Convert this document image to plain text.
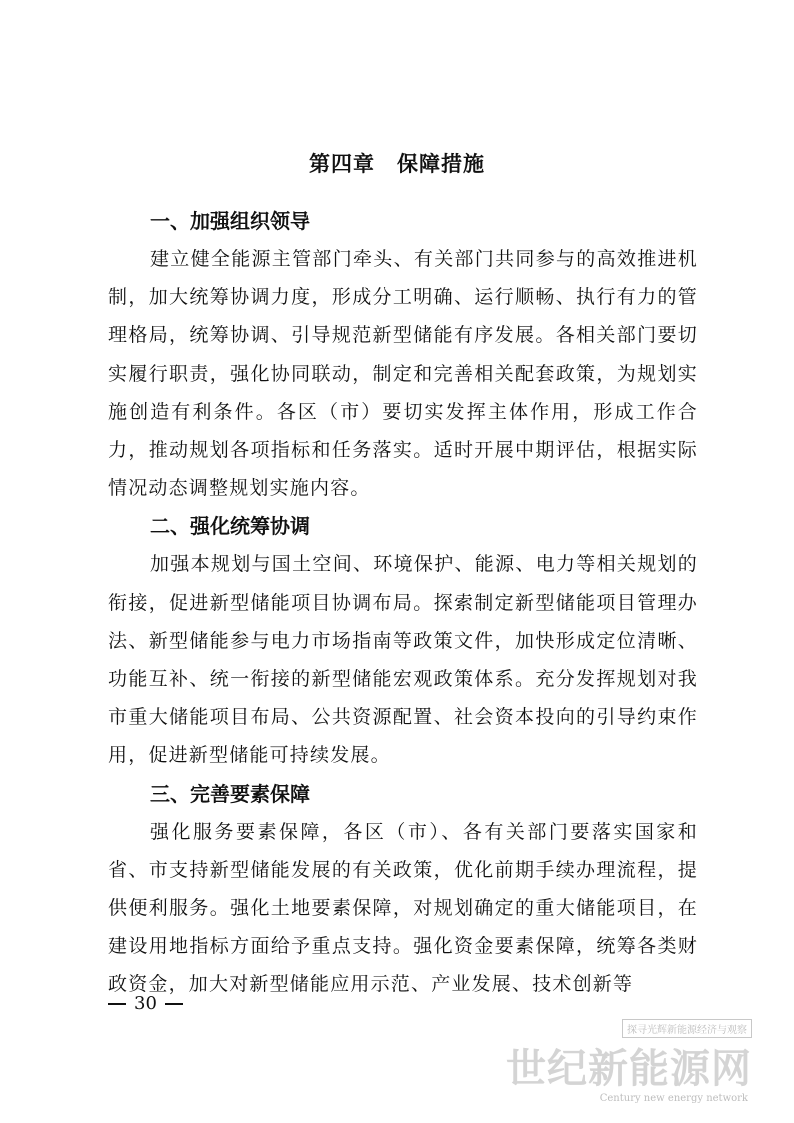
第四章 保障措施
一、加强组织领导

建立健全能源主管部门牵头、有关部门共同参与的高效推进机制，加大统筹协调力度，形成分工明确、运行顺畅、执行有力的管理格局，统筹协调、引导规范新型储能有序发展。各相关部门要切实履行职责，强化协同联动，制定和完善相关配套政策，为规划实施创造有利条件。各区（市）要切实发挥主体作用，形成工作合力，推动规划各项指标和任务落实。适时开展中期评估，根据实际情况动态调整规划实施内容。

二、强化统筹协调

加强本规划与国土空间、环境保护、能源、电力等相关规划的衔接，促进新型储能项目协调布局。探索制定新型储能项目管理办法、新型储能参与电力市场指南等政策文件，加快形成定位清晰、功能互补、统一衔接的新型储能宏观政策体系。充分发挥规划对我市重大储能项目布局、公共资源配置、社会资本投向的引导约束作用，促进新型储能可持续发展。

三、完善要素保障

强化服务要素保障，各区（市）、各有关部门要落实国家和省、市支持新型储能发展的有关政策，优化前期手续办理流程，提供便利服务。强化土地要素保障，对规划确定的重大储能项目，在建设用地指标方面给予重点支持。强化资金要素保障，统筹各类财政资金，加大对新型储能应用示范、产业发展、技术创新等

30
探寻光辉新能源经济与观察
世纪新能源网
Century new energy network
